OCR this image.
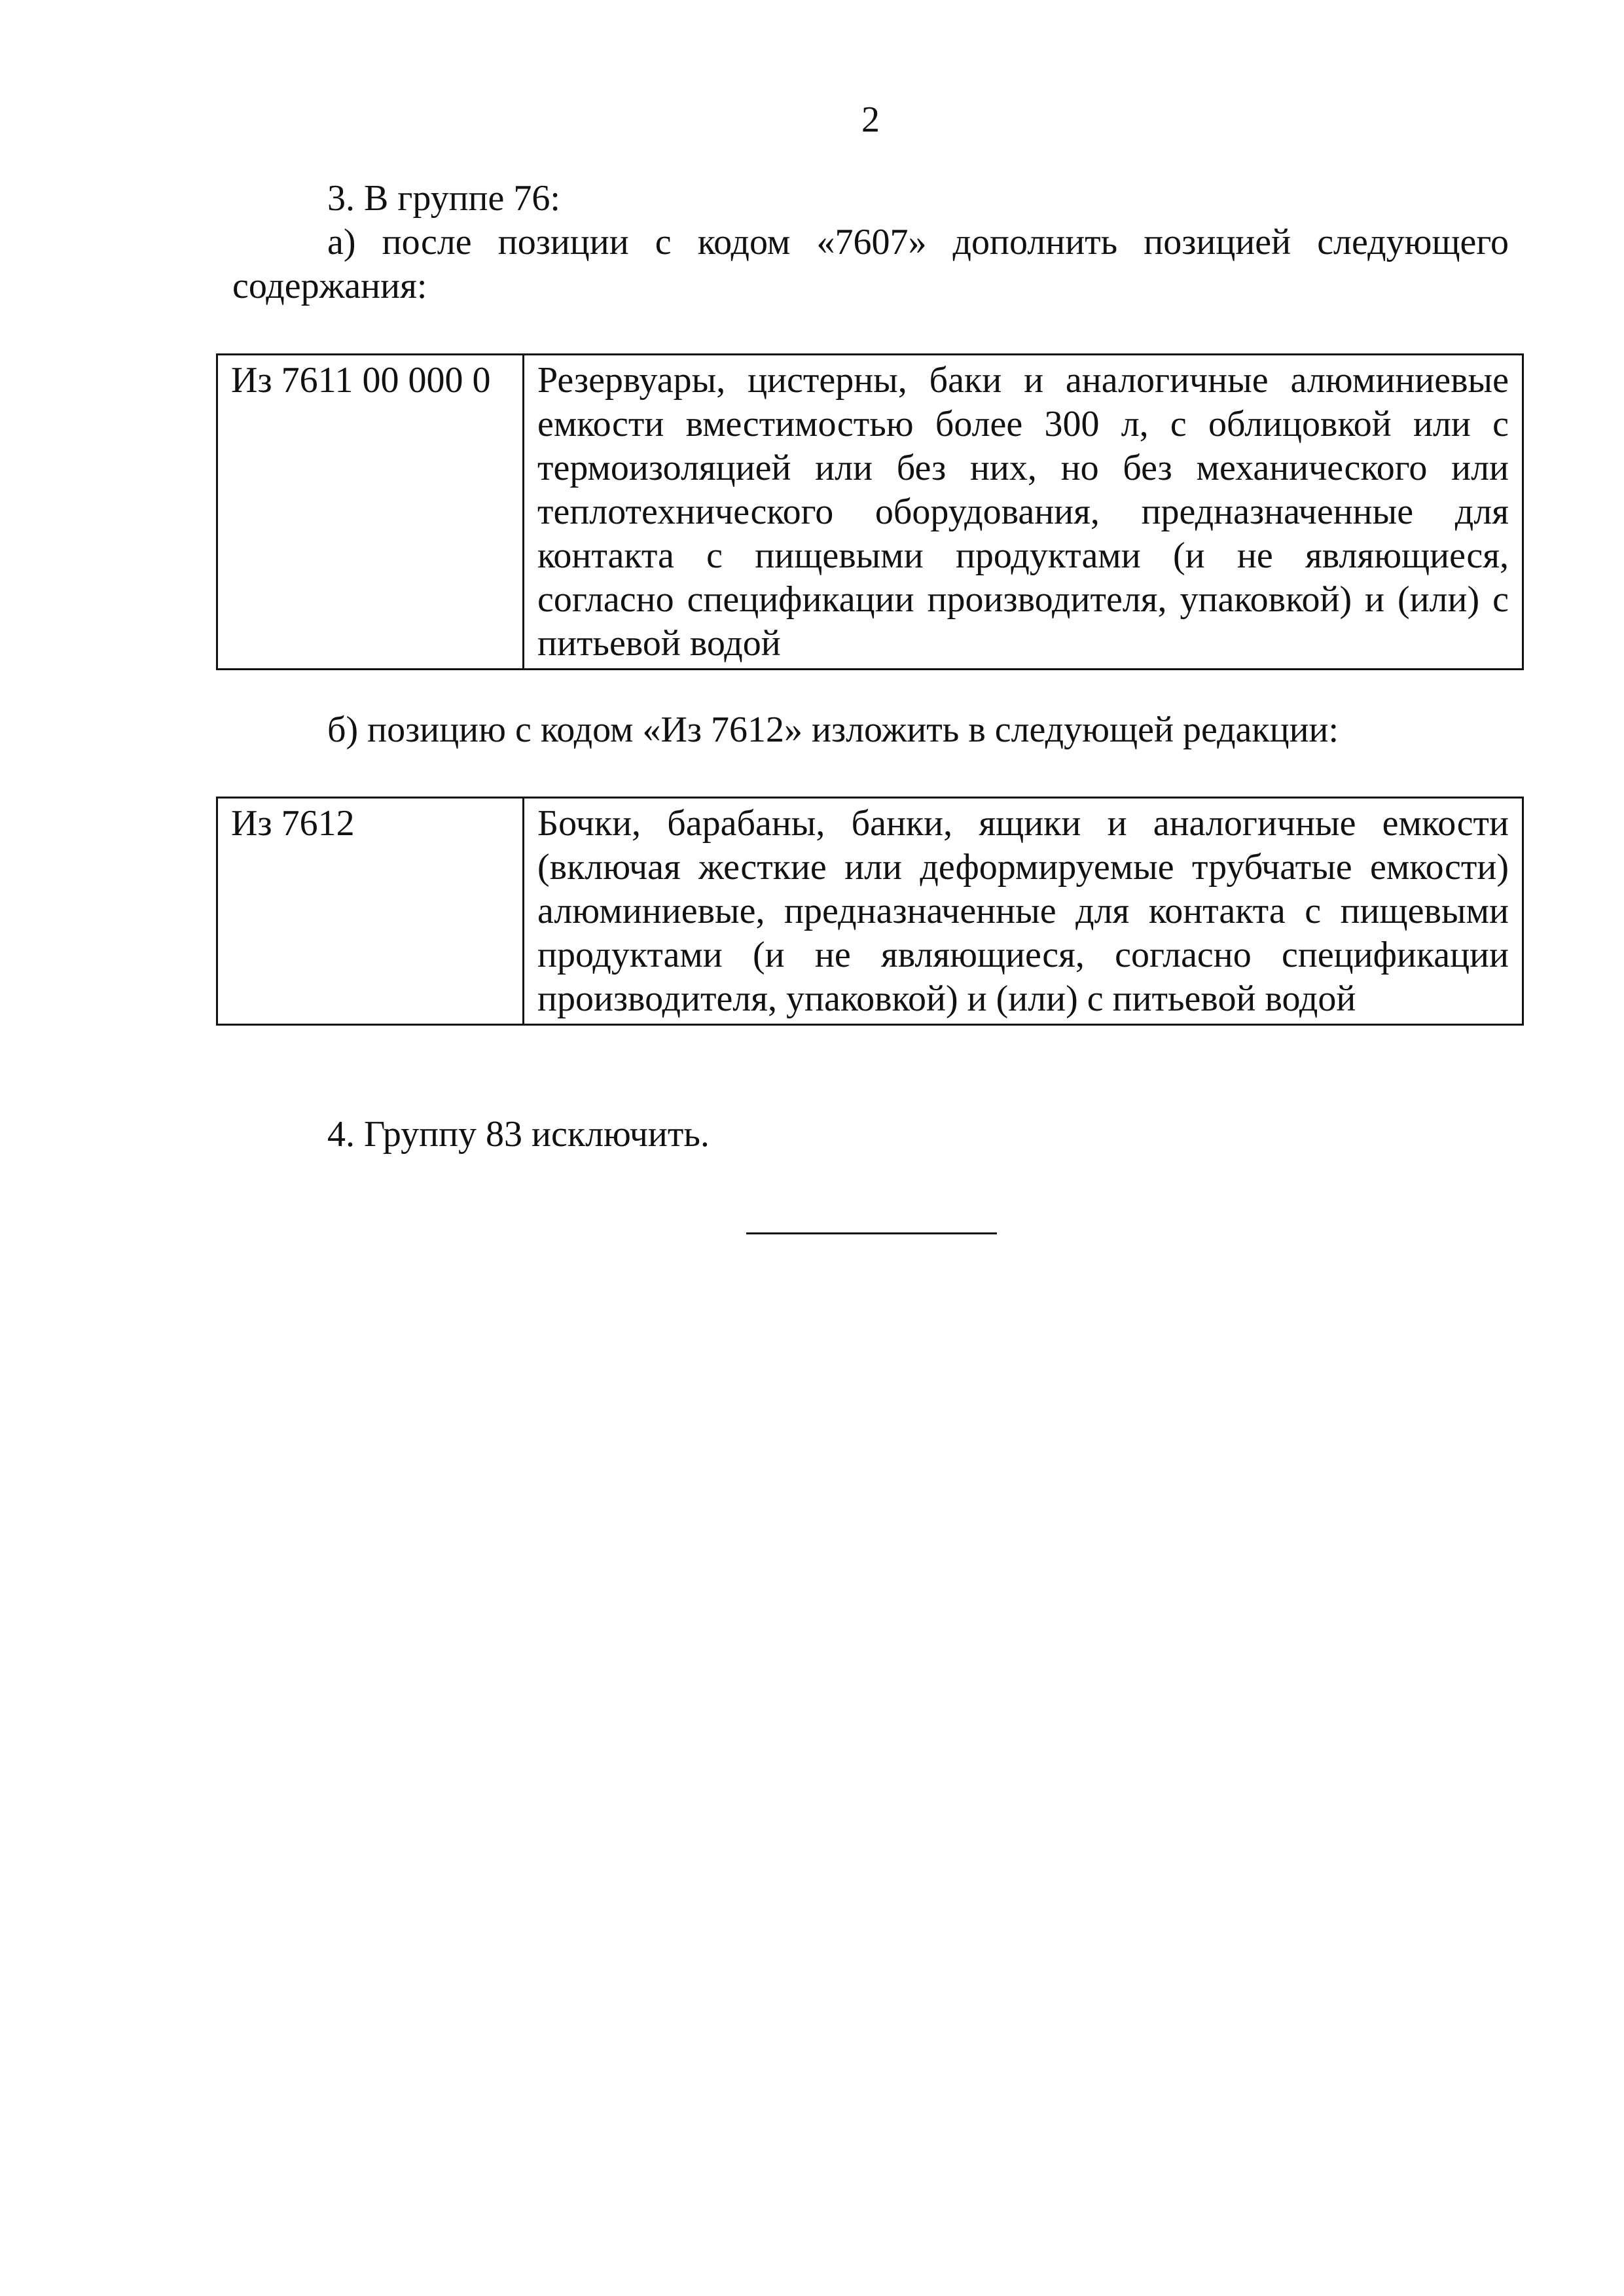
2
3. В группе 76:
а) после позиции с кодом «7607» дополнить позицией следующего
содержания:
Из 7611 00 000 0	Резервуары, цистерны, баки и аналогичные алюминиевые емкости вместимостью более 300 л, с облицовкой или с термоизоляцией или без них, но без механического или теплотехнического оборудования, предназначенные для контакта с пищевыми продуктами (и не являющиеся, согласно спецификации производителя, упаковкой) и (или) с питьевой водой
б) позицию с кодом «Из 7612» изложить в следующей редакции:
Из 7612	Бочки, барабаны, банки, ящики и аналогичные емкости (включая жесткие или деформируемые трубчатые емкости) алюминиевые, предназначенные для контакта с пищевыми продуктами (и не являющиеся, согласно спецификации производителя, упаковкой) и (или) с питьевой водой
4. Группу 83 исключить.
